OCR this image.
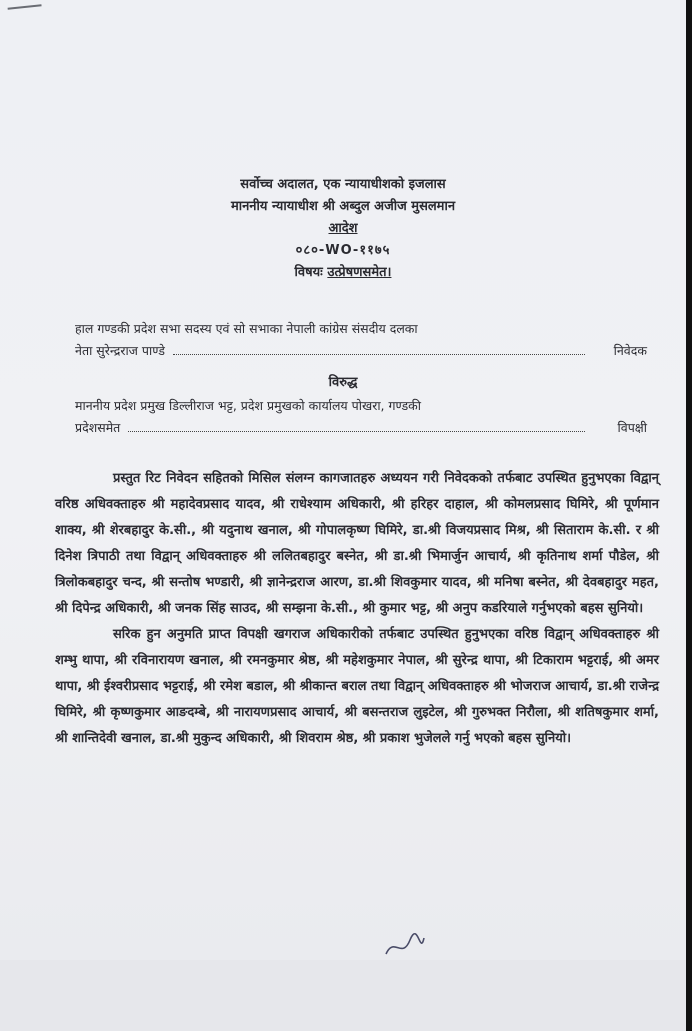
सर्वोच्च अदालत, एक न्यायाधीशको इजलास
माननीय न्यायाधीश श्री अब्दुल अजीज मुसलमान
आदेश
०८०-WO-११७५
विषयः उत्प्रेषणसमेत।
हाल गण्डकी प्रदेश सभा सदस्य एवं सो सभाका नेपाली कांग्रेस संसदीय दलका
नेता सुरेन्द्रराज पाण्डे	निवेदक
विरुद्ध
माननीय प्रदेश प्रमुख डिल्लीराज भट्ट, प्रदेश प्रमुखको कार्यालय पोखरा, गण्डकी
प्रदेशसमेत	विपक्षी

प्रस्तुत रिट निवेदन सहितको मिसिल संलग्न कागजातहरु अध्ययन गरी निवेदकको तर्फबाट उपस्थित हुनुभएका विद्वान् वरिष्ठ अधिवक्ताहरु श्री महादेवप्रसाद यादव, श्री राधेश्याम अधिकारी, श्री हरिहर दाहाल, श्री कोमलप्रसाद घिमिरे, श्री पूर्णमान शाक्य, श्री शेरबहादुर के.सी., श्री यदुनाथ खनाल, श्री गोपालकृष्ण घिमिरे, डा.श्री विजयप्रसाद मिश्र, श्री सिताराम के.सी. र श्री दिनेश त्रिपाठी तथा विद्वान् अधिवक्ताहरु श्री ललितबहादुर बस्नेत, श्री डा.श्री भिमार्जुन आचार्य, श्री कृतिनाथ शर्मा पौडेल, श्री त्रिलोकबहादुर चन्द, श्री सन्तोष भण्डारी, श्री ज्ञानेन्द्रराज आरण, डा.श्री शिवकुमार यादव, श्री मनिषा बस्नेत, श्री देवबहादुर महत, श्री दिपेन्द्र अधिकारी, श्री जनक सिंह साउद, श्री सम्झना के.सी., श्री कुमार भट्ट, श्री अनुप कडरियाले गर्नुभएको बहस सुनियो।

सरिक हुन अनुमति प्राप्त विपक्षी खगराज अधिकारीको तर्फबाट उपस्थित हुनुभएका वरिष्ठ विद्वान् अधिवक्ताहरु श्री शम्भु थापा, श्री रविनारायण खनाल, श्री रमनकुमार श्रेष्ठ, श्री महेशकुमार नेपाल, श्री सुरेन्द्र थापा, श्री टिकाराम भट्टराई, श्री अमर थापा, श्री ईश्वरीप्रसाद भट्टराई, श्री रमेश बडाल, श्री श्रीकान्त बराल तथा विद्वान् अधिवक्ताहरु श्री भोजराज आचार्य, डा.श्री राजेन्द्र घिमिरे, श्री कृष्णकुमार आङदम्बे, श्री नारायणप्रसाद आचार्य, श्री बसन्तराज लुइटेल, श्री गुरुभक्त निरौला, श्री शतिषकुमार शर्मा, श्री शान्तिदेवी खनाल, डा.श्री मुकुन्द अधिकारी, श्री शिवराम श्रेष्ठ, श्री प्रकाश भुजेलले गर्नु भएको बहस सुनियो।
